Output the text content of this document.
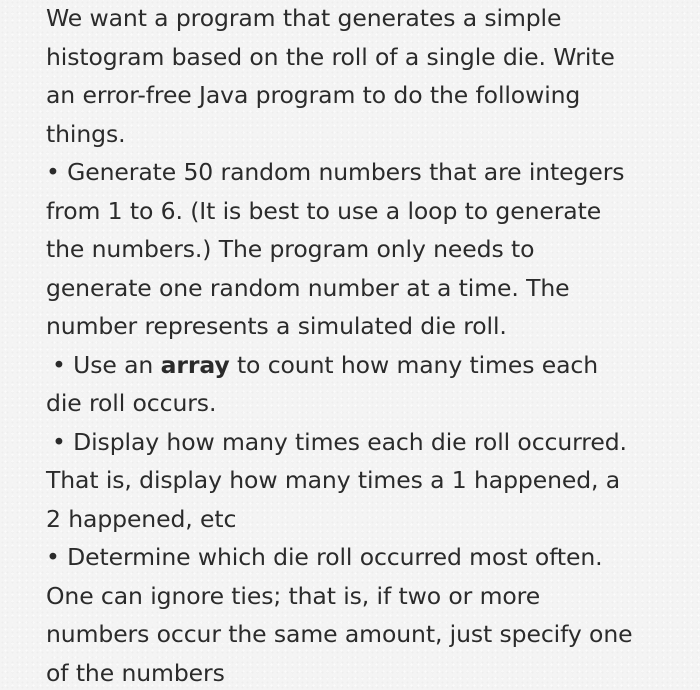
We want a program that generates a simple
histogram based on the roll of a single die. Write
an error-free Java program to do the following
things.
• Generate 50 random numbers that are integers
from 1 to 6. (It is best to use a loop to generate
the numbers.) The program only needs to
generate one random number at a time. The
number represents a simulated die roll.
• Use an array to count how many times each
die roll occurs.
• Display how many times each die roll occurred.
That is, display how many times a 1 happened, a
2 happened, etc
• Determine which die roll occurred most often.
One can ignore ties; that is, if two or more
numbers occur the same amount, just specify one
of the numbers
